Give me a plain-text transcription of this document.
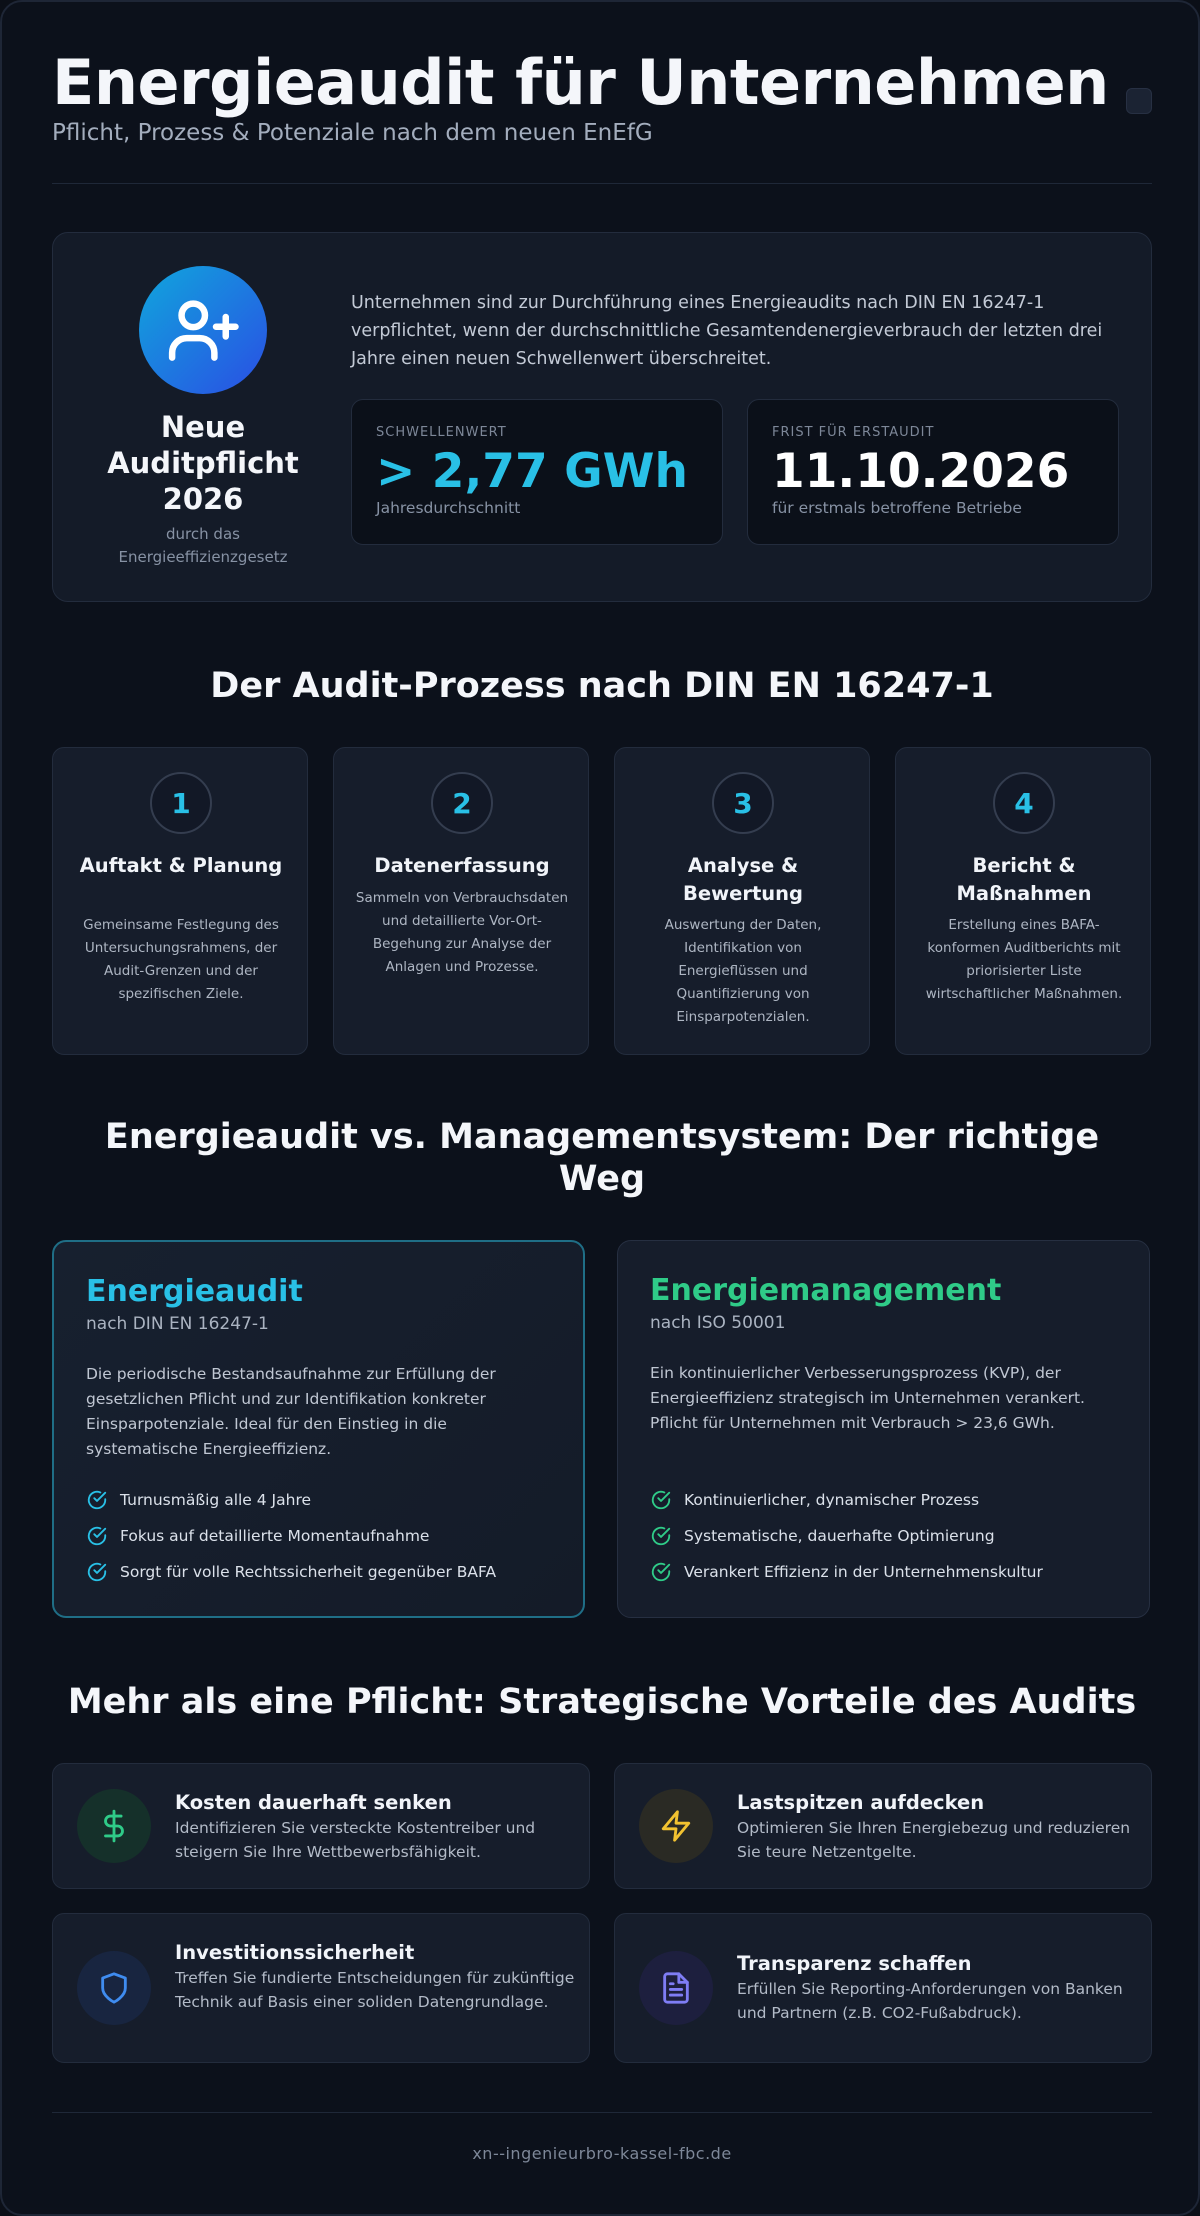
Energieaudit für Unternehmen
Pflicht, Prozess & Potenziale nach dem neuen EnEfG
Neue Auditpflicht 2026
durch das Energieeffizienzgesetz

Unternehmen sind zur Durchführung eines Energieaudits nach DIN EN 16247-1 verpflichtet, wenn der durchschnittliche Gesamtendenergieverbrauch der letzten drei Jahre einen neuen Schwellenwert überschreitet.

SCHWELLENWERT
> 2,77 GWh
Jahresdurchschnitt
FRIST FÜR ERSTAUDIT
11.10.2026
für erstmals betroffene Betriebe
Der Audit-Prozess nach DIN EN 16247-1
1
Auftakt & Planung
Gemeinsame Festlegung des Untersuchungsrahmens, der Audit-Grenzen und der spezifischen Ziele.
2
Datenerfassung
Sammeln von Verbrauchsdaten und detaillierte Vor-Ort-Begehung zur Analyse der Anlagen und Prozesse.
3
Analyse & Bewertung
Auswertung der Daten, Identifikation von Energieflüssen und Quantifizierung von Einsparpotenzialen.
4
Bericht & Maßnahmen
Erstellung eines BAFA-konformen Auditberichts mit priorisierter Liste wirtschaftlicher Maßnahmen.
Energieaudit vs. Managementsystem: Der richtige Weg
Energieaudit
nach DIN EN 16247-1

Die periodische Bestandsaufnahme zur Erfüllung der gesetzlichen Pflicht und zur Identifikation konkreter Einsparpotenziale. Ideal für den Einstieg in die systematische Energieeffizienz.

Turnusmäßig alle 4 Jahre
Fokus auf detaillierte Momentaufnahme
Sorgt für volle Rechtssicherheit gegenüber BAFA
Energiemanagement
nach ISO 50001

Ein kontinuierlicher Verbesserungsprozess (KVP), der Energieeffizienz strategisch im Unternehmen verankert. Pflicht für Unternehmen mit Verbrauch > 23,6 GWh.

Kontinuierlicher, dynamischer Prozess
Systematische, dauerhafte Optimierung
Verankert Effizienz in der Unternehmenskultur
Mehr als eine Pflicht: Strategische Vorteile des Audits
Kosten dauerhaft senken
Identifizieren Sie versteckte Kostentreiber und steigern Sie Ihre Wettbewerbsfähigkeit.
Lastspitzen aufdecken
Optimieren Sie Ihren Energiebezug und reduzieren Sie teure Netzentgelte.
Investitionssicherheit
Treffen Sie fundierte Entscheidungen für zukünftige Technik auf Basis einer soliden Datengrundlage.
Transparenz schaffen
Erfüllen Sie Reporting-Anforderungen von Banken und Partnern (z.B. CO2-Fußabdruck).
xn--ingenieurbro-kassel-fbc.de
